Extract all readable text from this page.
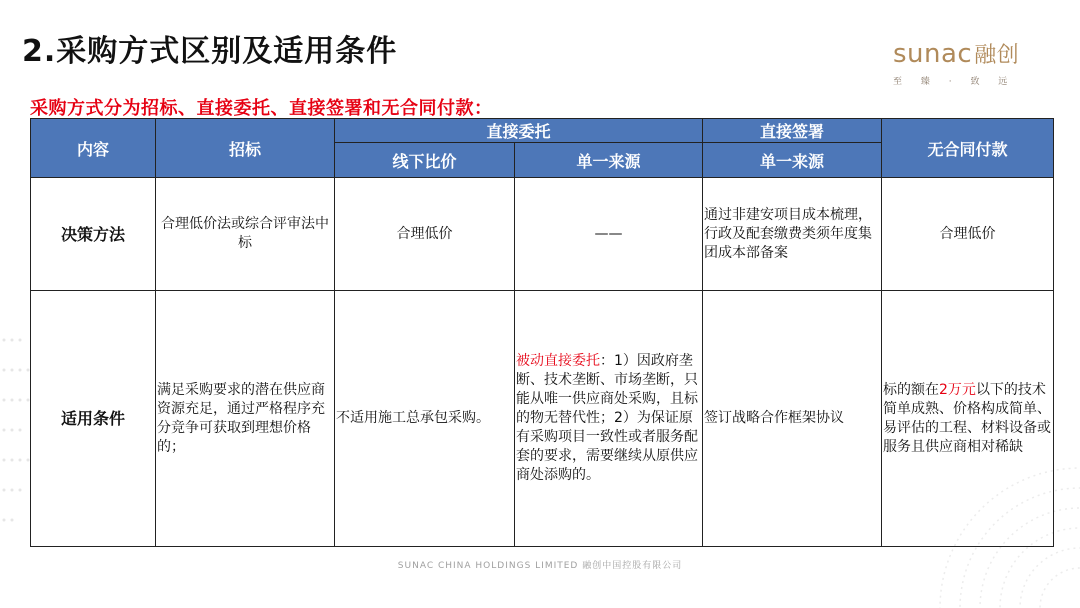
2.采购方式区别及适用条件	sunac融创
至 臻 · 致 远
采购方式分为招标、直接委托、直接签署和无合同付款：
内容	招标	直接委托		直接签署	无合同付款
		线下比价	单一来源	单一来源	
决策方法	合理低价法或综合评审法中标	合理低价	——	通过非建安项目成本梳理，行政及配套缴费类须年度集团成本部备案	合理低价
适用条件	满足采购要求的潜在供应商资源充足，通过严格程序充分竞争可获取到理想价格的；	不适用施工总承包采购。	被动直接委托：1）因政府垄断、技术垄断、市场垄断，只能从唯一供应商处采购，且标的物无替代性；2）为保证原有采购项目一致性或者服务配套的要求，需要继续从原供应商处添购的。	签订战略合作框架协议	标的额在2万元以下的技术简单成熟、价格构成简单、易评估的工程、材料设备或服务且供应商相对稀缺
SUNAC CHINA HOLDINGS LIMITED 融创中国控股有限公司
